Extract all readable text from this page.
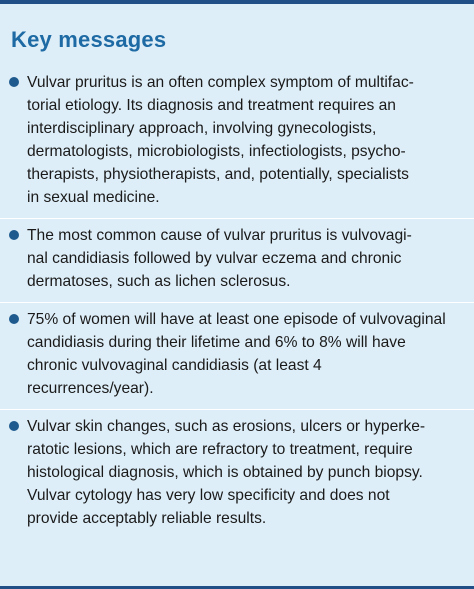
Key messages

Vulvar pruritus is an often complex symptom of multifac-
torial etiology. Its diagnosis and treatment requires an
interdisciplinary approach, involving gynecologists,
dermatologists, microbiologists, infectiologists, psycho-
therapists, physiotherapists, and, potentially, specialists
in sexual medicine.

The most common cause of vulvar pruritus is vulvovagi-
nal candidiasis followed by vulvar eczema and chronic
dermatoses, such as lichen sclerosus.

75% of women will have at least one episode of vulvovaginal
candidiasis during their lifetime and 6% to 8% will have
chronic vulvovaginal candidiasis (at least 4
recurrences/year).

Vulvar skin changes, such as erosions, ulcers or hyperke-
ratotic lesions, which are refractory to treatment, require
histological diagnosis, which is obtained by punch biopsy.
Vulvar cytology has very low specificity and does not
provide acceptably reliable results.
